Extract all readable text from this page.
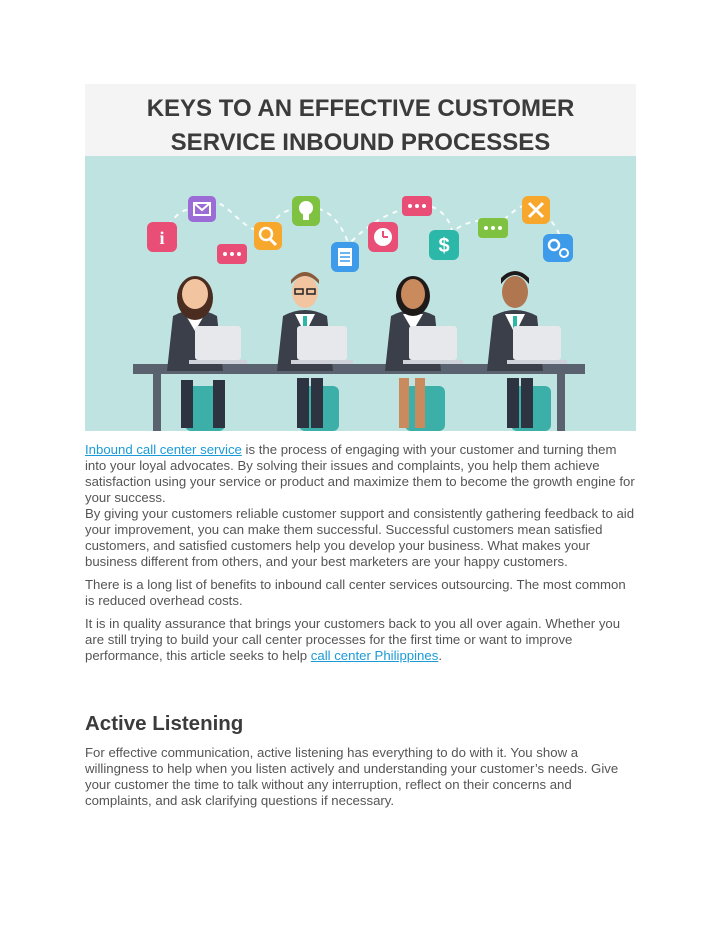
KEYS TO AN EFFECTIVE CUSTOMER
SERVICE INBOUND PROCESSES
i	$

Inbound call center service is the process of engaging with your customer and turning them into your loyal advocates. By solving their issues and complaints, you help them achieve satisfaction using your service or product and maximize them to become the growth engine for your success.
By giving your customers reliable customer support and consistently gathering feedback to aid your improvement, you can make them successful. Successful customers mean satisfied customers, and satisfied customers help you develop your business. What makes your business different from others, and your best marketers are your happy customers.

There is a long list of benefits to inbound call center services outsourcing. The most common is reduced overhead costs.

It is in quality assurance that brings your customers back to you all over again. Whether you are still trying to build your call center processes for the first time or want to improve performance, this article seeks to help call center Philippines.

Active Listening

For effective communication, active listening has everything to do with it. You show a willingness to help when you listen actively and understanding your customer’s needs. Give your customer the time to talk without any interruption, reflect on their concerns and complaints, and ask clarifying questions if necessary.
